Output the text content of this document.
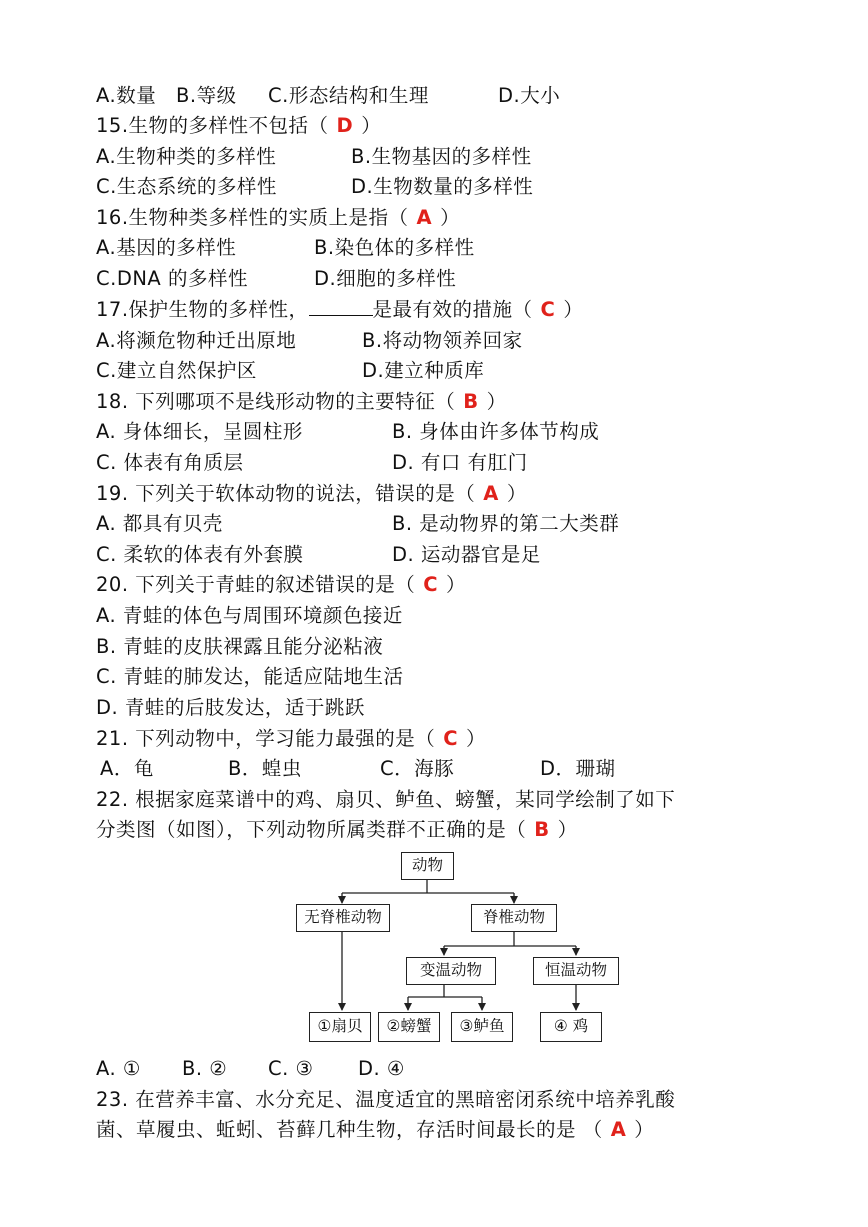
A.数量 B.等级 C.形态结构和生理	D.大小
15.生物的多样性不包括（ D ）
A.生物种类的多样性	B.生物基因的多样性
C.生态系统的多样性	D.生物数量的多样性
16.生物种类多样性的实质上是指（ A ）
A.基因的多样性	B.染色体的多样性
C.DNA 的多样性	D.细胞的多样性
17.保护生物的多样性，	是最有效的措施（ C ）
A.将濒危物种迁出原地	B.将动物领养回家
C.建立自然保护区	D.建立种质库
18. 下列哪项不是线形动物的主要特征（ B ）
A. 身体细长，呈圆柱形	B. 身体由许多体节构成
C. 体表有角质层	D. 有口 有肛门
19. 下列关于软体动物的说法，错误的是（ A ）
A. 都具有贝壳	B. 是动物界的第二大类群
C. 柔软的体表有外套膜	D. 运动器官是足
20. 下列关于青蛙的叙述错误的是（ C ）
A. 青蛙的体色与周围环境颜色接近
B. 青蛙的皮肤裸露且能分泌粘液
C. 青蛙的肺发达，能适应陆地生活
D. 青蛙的后肢发达，适于跳跃
21. 下列动物中，学习能力最强的是（ C ）
A．龟	B．蝗虫	C．海豚	D．珊瑚
22. 根据家庭菜谱中的鸡、扇贝、鲈鱼、螃蟹，某同学绘制了如下
分类图（如图），下列动物所属类群不正确的是（ B ）
动物
无脊椎动物	脊椎动物
变温动物	恒温动物
①扇贝	②螃蟹	③鲈鱼	④ 鸡
A. ① B. ② C. ③ D. ④
23. 在营养丰富、水分充足、温度适宜的黑暗密闭系统中培养乳酸
菌、草履虫、蚯蚓、苔藓几种生物，存活时间最长的是 （ A ）
